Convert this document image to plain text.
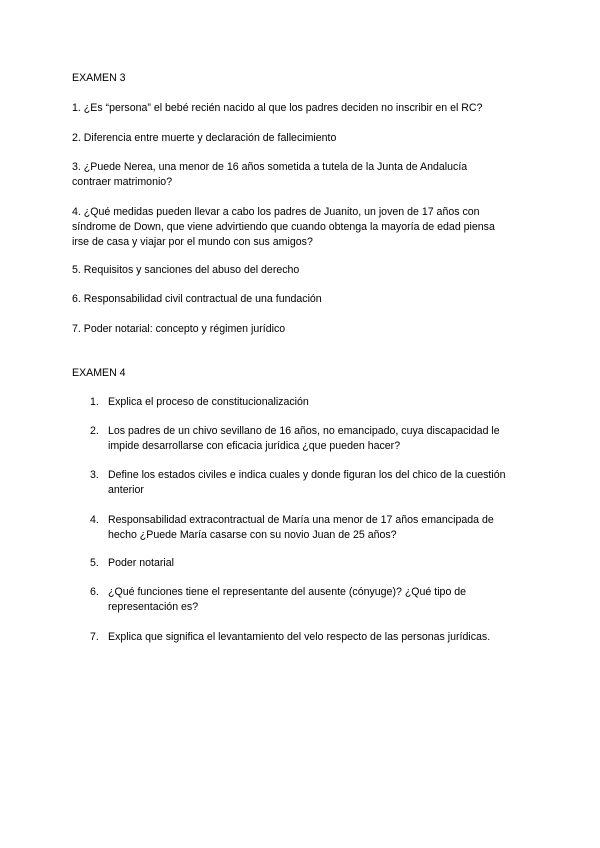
EXAMEN 3
1. ¿Es “persona” el bebé recién nacido al que los padres deciden no inscribir en el RC?
2. Diferencia entre muerte y declaración de fallecimiento
3. ¿Puede Nerea, una menor de 16 años sometida a tutela de la Junta de Andalucía
contraer matrimonio?
4. ¿Qué medidas pueden llevar a cabo los padres de Juanito, un joven de 17 años con
síndrome de Down, que viene advirtiendo que cuando obtenga la mayoría de edad piensa
irse de casa y viajar por el mundo con sus amigos?
5. Requisitos y sanciones del abuso del derecho
6. Responsabilidad civil contractual de una fundación
7. Poder notarial: concepto y régimen jurídico
EXAMEN 4
1. Explica el proceso de constitucionalización
2. Los padres de un chivo sevillano de 16 años, no emancipado, cuya discapacidad le
impide desarrollarse con eficacia jurídica ¿que pueden hacer?
3. Define los estados civiles e indica cuales y donde figuran los del chico de la cuestión
anterior
4. Responsabilidad extracontractual de María una menor de 17 años emancipada de
hecho ¿Puede María casarse con su novio Juan de 25 años?
5. Poder notarial
6. ¿Qué funciones tiene el representante del ausente (cónyuge)? ¿Qué tipo de
representación es?
7. Explica que significa el levantamiento del velo respecto de las personas jurídicas.
